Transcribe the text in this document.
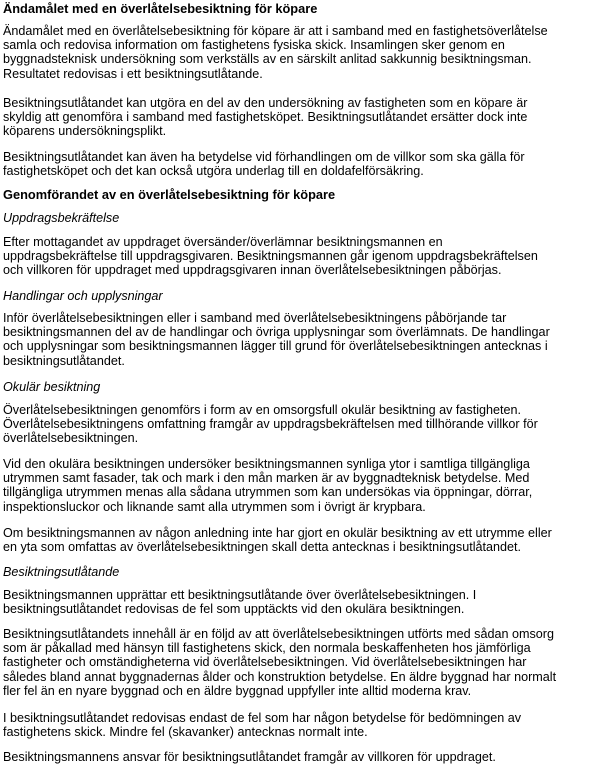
Ändamålet med en överlåtelsebesiktning för köpare
Ändamålet med en överlåtelsebesiktning för köpare är att i samband med en fastighetsöverlåtelse
samla och redovisa information om fastighetens fysiska skick. Insamlingen sker genom en
byggnadsteknisk undersökning som verkställs av en särskilt anlitad sakkunnig besiktningsman.
Resultatet redovisas i ett besiktningsutlåtande.
Besiktningsutlåtandet kan utgöra en del av den undersökning av fastigheten som en köpare är
skyldig att genomföra i samband med fastighetsköpet. Besiktningsutlåtandet ersätter dock inte
köparens undersökningsplikt.
Besiktningsutlåtandet kan även ha betydelse vid förhandlingen om de villkor som ska gälla för
fastighetsköpet och det kan också utgöra underlag till en doldafelförsäkring.
Genomförandet av en överlåtelsebesiktning för köpare
Uppdragsbekräftelse
Efter mottagandet av uppdraget översänder/överlämnar besiktningsmannen en
uppdragsbekräftelse till uppdragsgivaren. Besiktningsmannen går igenom uppdragsbekräftelsen
och villkoren för uppdraget med uppdragsgivaren innan överlåtelsebesiktningen påbörjas.
Handlingar och upplysningar
Inför överlåtelsebesiktningen eller i samband med överlåtelsebesiktningens påbörjande tar
besiktningsmannen del av de handlingar och övriga upplysningar som överlämnats. De handlingar
och upplysningar som besiktningsmannen lägger till grund för överlåtelsebesiktningen antecknas i
besiktningsutlåtandet.
Okulär besiktning
Överlåtelsebesiktningen genomförs i form av en omsorgsfull okulär besiktning av fastigheten.
Överlåtelsebesiktningens omfattning framgår av uppdragsbekräftelsen med tillhörande villkor för
överlåtelsebesiktningen.
Vid den okulära besiktningen undersöker besiktningsmannen synliga ytor i samtliga tillgängliga
utrymmen samt fasader, tak och mark i den mån marken är av byggnadteknisk betydelse. Med
tillgängliga utrymmen menas alla sådana utrymmen som kan undersökas via öppningar, dörrar,
inspektionsluckor och liknande samt alla utrymmen som i övrigt är krypbara.
Om besiktningsmannen av någon anledning inte har gjort en okulär besiktning av ett utrymme eller
en yta som omfattas av överlåtelsebesiktningen skall detta antecknas i besiktningsutlåtandet.
Besiktningsutlåtande
Besiktningsmannen upprättar ett besiktningsutlåtande över överlåtelsebesiktningen. I
besiktningsutlåtandet redovisas de fel som upptäckts vid den okulära besiktningen.
Besiktningsutlåtandets innehåll är en följd av att överlåtelsebesiktningen utförts med sådan omsorg
som är påkallad med hänsyn till fastighetens skick, den normala beskaffenheten hos jämförliga
fastigheter och omständigheterna vid överlåtelsebesiktningen. Vid överlåtelsebesiktningen har
således bland annat byggnadernas ålder och konstruktion betydelse. En äldre byggnad har normalt
fler fel än en nyare byggnad och en äldre byggnad uppfyller inte alltid moderna krav.
I besiktningsutlåtandet redovisas endast de fel som har någon betydelse för bedömningen av
fastighetens skick. Mindre fel (skavanker) antecknas normalt inte.
Besiktningsmannens ansvar för besiktningsutlåtandet framgår av villkoren för uppdraget.
